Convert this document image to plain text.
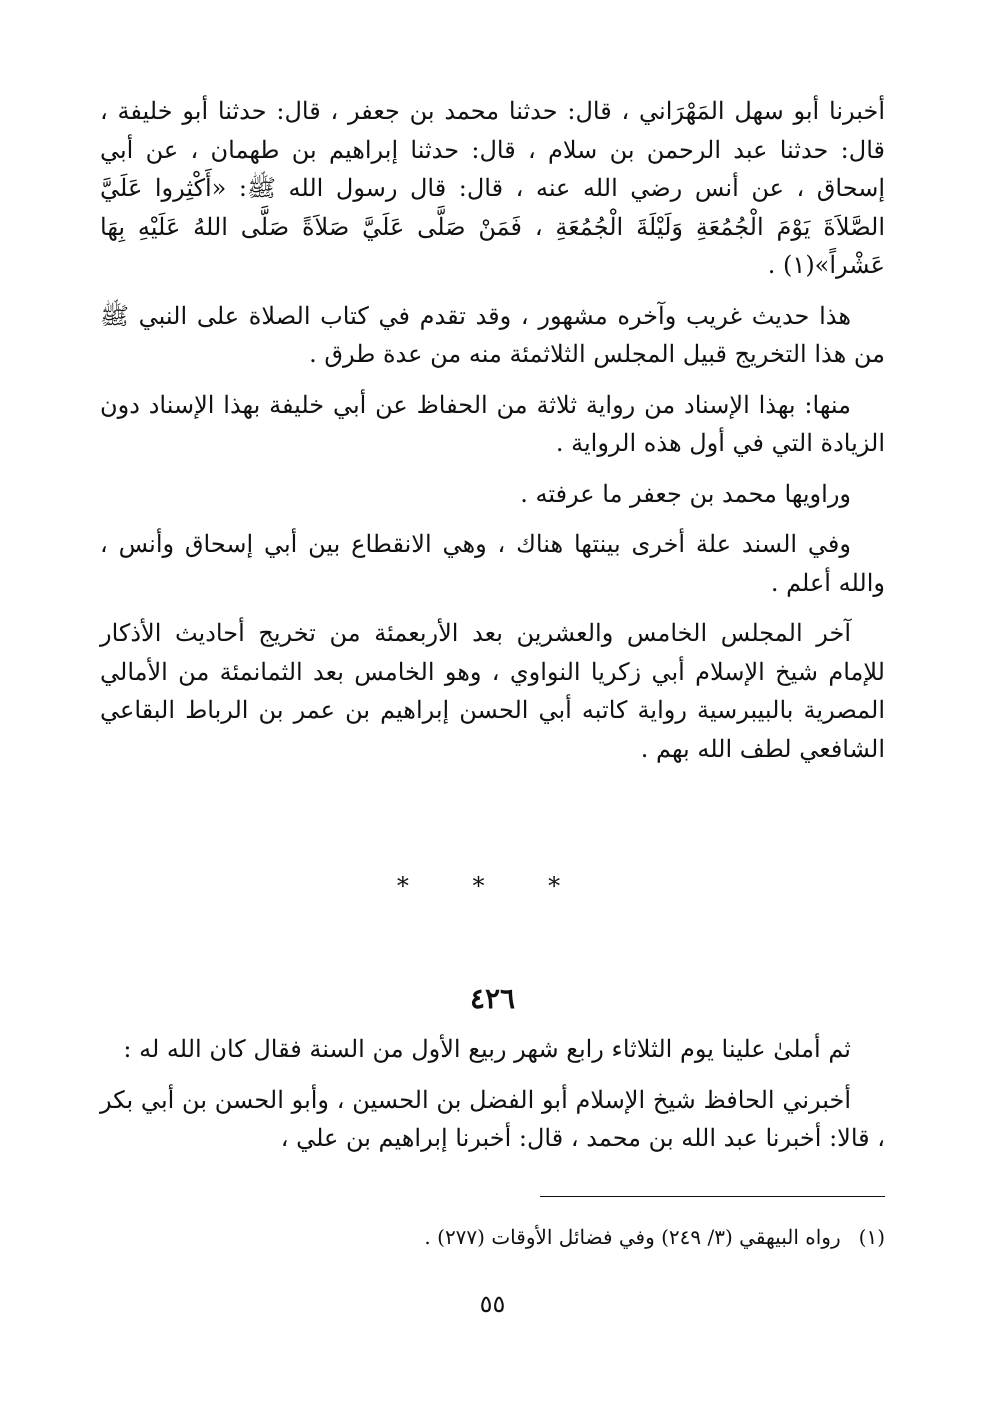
أخبرنا أبو سهل المَهْرَاني ، قال: حدثنا محمد بن جعفر ، قال: حدثنا أبو خليفة ، قال: حدثنا عبد الرحمن بن سلام ، قال: حدثنا إبراهيم بن طهمان ، عن أبي إسحاق ، عن أنس رضي الله عنه ، قال: قال رسول الله ﷺ: «أَكْثِروا عَلَيَّ الصَّلاَةَ يَوْمَ الْجُمُعَةِ وَلَيْلَةَ الْجُمُعَةِ ، فَمَنْ صَلَّى عَلَيَّ صَلاَةً صَلَّى اللهُ عَلَيْهِ بِهَا عَشْراً»(١) .

هذا حديث غريب وآخره مشهور ، وقد تقدم في كتاب الصلاة على النبي ﷺ من هذا التخريج قبيل المجلس الثلاثمئة منه من عدة طرق .

منها: بهذا الإسناد من رواية ثلاثة من الحفاظ عن أبي خليفة بهذا الإسناد دون الزيادة التي في أول هذه الرواية .

وراويها محمد بن جعفر ما عرفته .

وفي السند علة أخرى بينتها هناك ، وهي الانقطاع بين أبي إسحاق وأنس ، والله أعلم .

آخر المجلس الخامس والعشرين بعد الأربعمئة من تخريج أحاديث الأذكار للإمام شيخ الإسلام أبي زكريا النواوي ، وهو الخامس بعد الثمانمئة من الأمالي المصرية بالبيبرسية رواية كاتبه أبي الحسن إبراهيم بن عمر بن الرباط البقاعي الشافعي لطف الله بهم .

* * *
٤٢٦

ثم أملىٰ علينا يوم الثلاثاء رابع شهر ربيع الأول من السنة فقال كان الله له :

أخبرني الحافظ شيخ الإسلام أبو الفضل بن الحسين ، وأبو الحسن بن أبي بكر ، قالا: أخبرنا عبد الله بن محمد ، قال: أخبرنا إبراهيم بن علي ،

(١)رواه البيهقي (٣/ ٢٤٩) وفي فضائل الأوقات (٢٧٧) .
٥٥
